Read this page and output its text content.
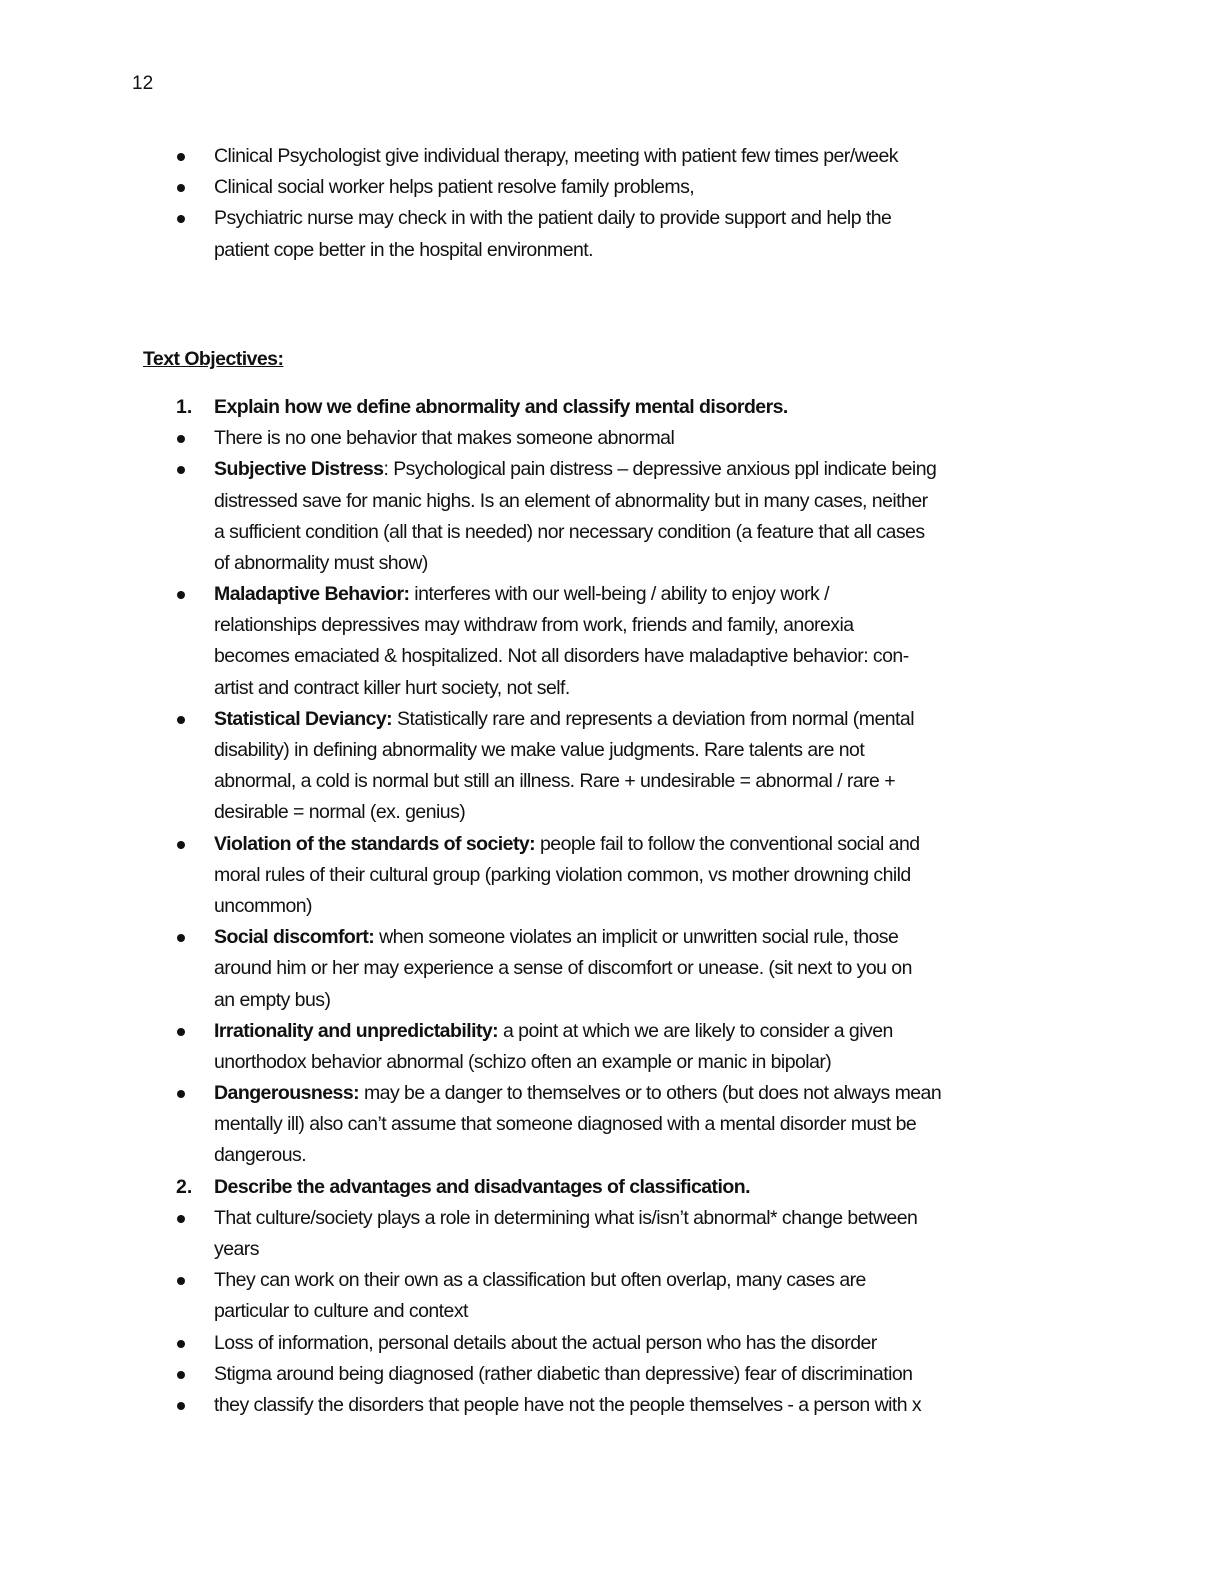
12
Clinical Psychologist give individual therapy, meeting with patient few times per/week
Clinical social worker helps patient resolve family problems,
Psychiatric nurse may check in with the patient daily to provide support and help the
patient cope better in the hospital environment.
Text Objectives:
1. Explain how we define abnormality and classify mental disorders.
There is no one behavior that makes someone abnormal
Subjective Distress: Psychological pain distress – depressive anxious ppl indicate being
distressed save for manic highs. Is an element of abnormality but in many cases, neither
a sufficient condition (all that is needed) nor necessary condition (a feature that all cases
of abnormality must show)
Maladaptive Behavior: interferes with our well-being / ability to enjoy work /
relationships depressives may withdraw from work, friends and family, anorexia
becomes emaciated & hospitalized. Not all disorders have maladaptive behavior: con-
artist and contract killer hurt society, not self.
Statistical Deviancy: Statistically rare and represents a deviation from normal (mental
disability) in defining abnormality we make value judgments. Rare talents are not
abnormal, a cold is normal but still an illness. Rare + undesirable = abnormal / rare +
desirable = normal (ex. genius)
Violation of the standards of society: people fail to follow the conventional social and
moral rules of their cultural group (parking violation common, vs mother drowning child
uncommon)
Social discomfort: when someone violates an implicit or unwritten social rule, those
around him or her may experience a sense of discomfort or unease. (sit next to you on
an empty bus)
Irrationality and unpredictability: a point at which we are likely to consider a given
unorthodox behavior abnormal (schizo often an example or manic in bipolar)
Dangerousness: may be a danger to themselves or to others (but does not always mean
mentally ill) also can’t assume that someone diagnosed with a mental disorder must be
dangerous.
2. Describe the advantages and disadvantages of classification.
That culture/society plays a role in determining what is/isn’t abnormal* change between
years
They can work on their own as a classification but often overlap, many cases are
particular to culture and context
Loss of information, personal details about the actual person who has the disorder
Stigma around being diagnosed (rather diabetic than depressive) fear of discrimination
they classify the disorders that people have not the people themselves - a person with x
